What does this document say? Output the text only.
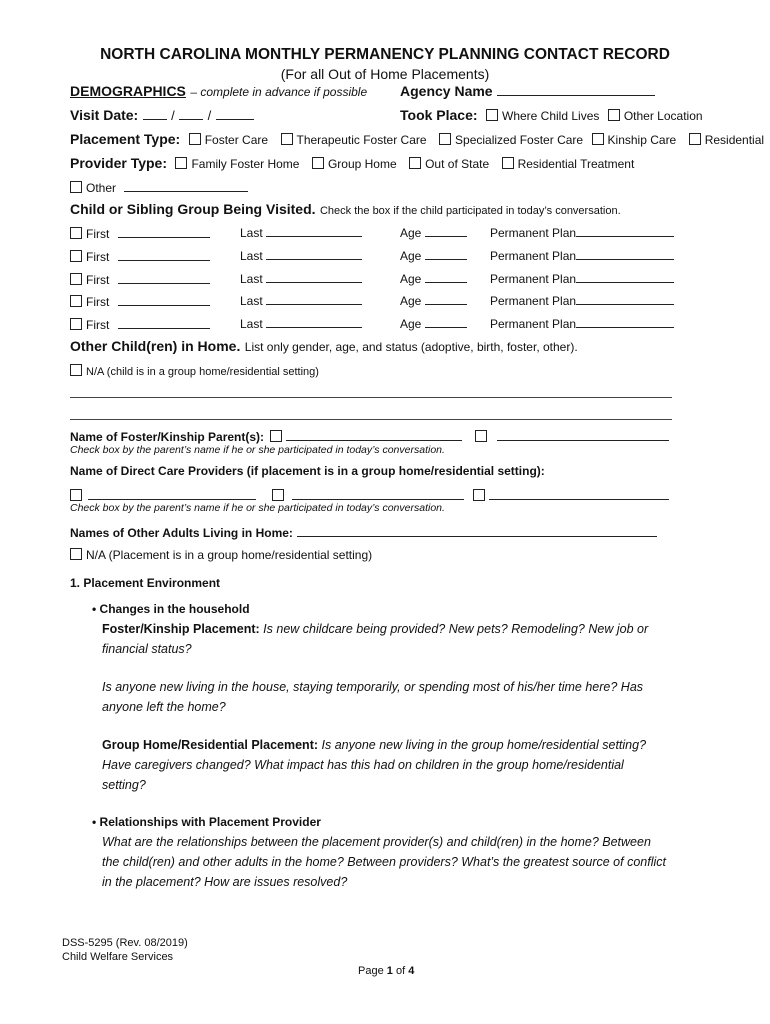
NORTH CAROLINA MONTHLY PERMANENCY PLANNING CONTACT RECORD
(For all Out of Home Placements)
DEMOGRAPHICS – complete in advance if possible Agency Name
Visit Date:	/	/	Took Place: Where Child Lives Other Location
Placement Type: Foster Care Therapeutic Foster Care Specialized Foster Care Kinship Care Residential
Provider Type: Family Foster Home Group Home Out of State Residential Treatment
Other
Child or Sibling Group Being Visited. Check the box if the child participated in today’s conversation.
First	Last	Age	Permanent Plan
First	Last	Age	Permanent Plan
First	Last	Age	Permanent Plan
First	Last	Age	Permanent Plan
First	Last	Age	Permanent Plan
Other Child(ren) in Home. List only gender, age, and status (adoptive, birth, foster, other).
N/A (child is in a group home/residential setting)
Name of Foster/Kinship Parent(s):
Check box by the parent’s name if he or she participated in today’s conversation.
Name of Direct Care Providers (if placement is in a group home/residential setting):

Check box by the parent’s name if he or she participated in today’s conversation.
Names of Other Adults Living in Home:
N/A (Placement is in a group home/residential setting)
1. Placement Environment
• Changes in the household
Foster/Kinship Placement: Is new childcare being provided? New pets? Remodeling? New job or
financial status?
Is anyone new living in the house, staying temporarily, or spending most of his/her time here? Has
anyone left the home?
Group Home/Residential Placement: Is anyone new living in the group home/residential setting?
Have caregivers changed? What impact has this had on children in the group home/residential
setting?
• Relationships with Placement Provider
What are the relationships between the placement provider(s) and child(ren) in the home? Between
the child(ren) and other adults in the home? Between providers? What’s the greatest source of conflict
in the placement? How are issues resolved?
DSS-5295 (Rev. 08/2019)
Child Welfare Services
Page 1 of 4
